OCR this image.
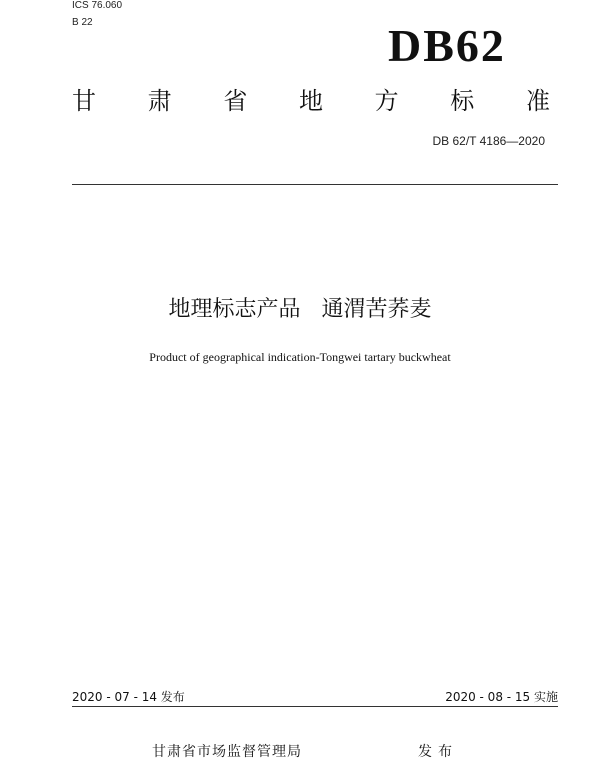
ICS 76.060
B 22	DB62
甘 肃 省 地 方 标 准
DB 62/T 4186—2020
地理标志产品   通渭苦荞麦
Product of geographical indication-Tongwei tartary buckwheat
2020 - 07 - 14 发布	2020 - 08 - 15 实施
甘肃省市场监督管理局	发布
